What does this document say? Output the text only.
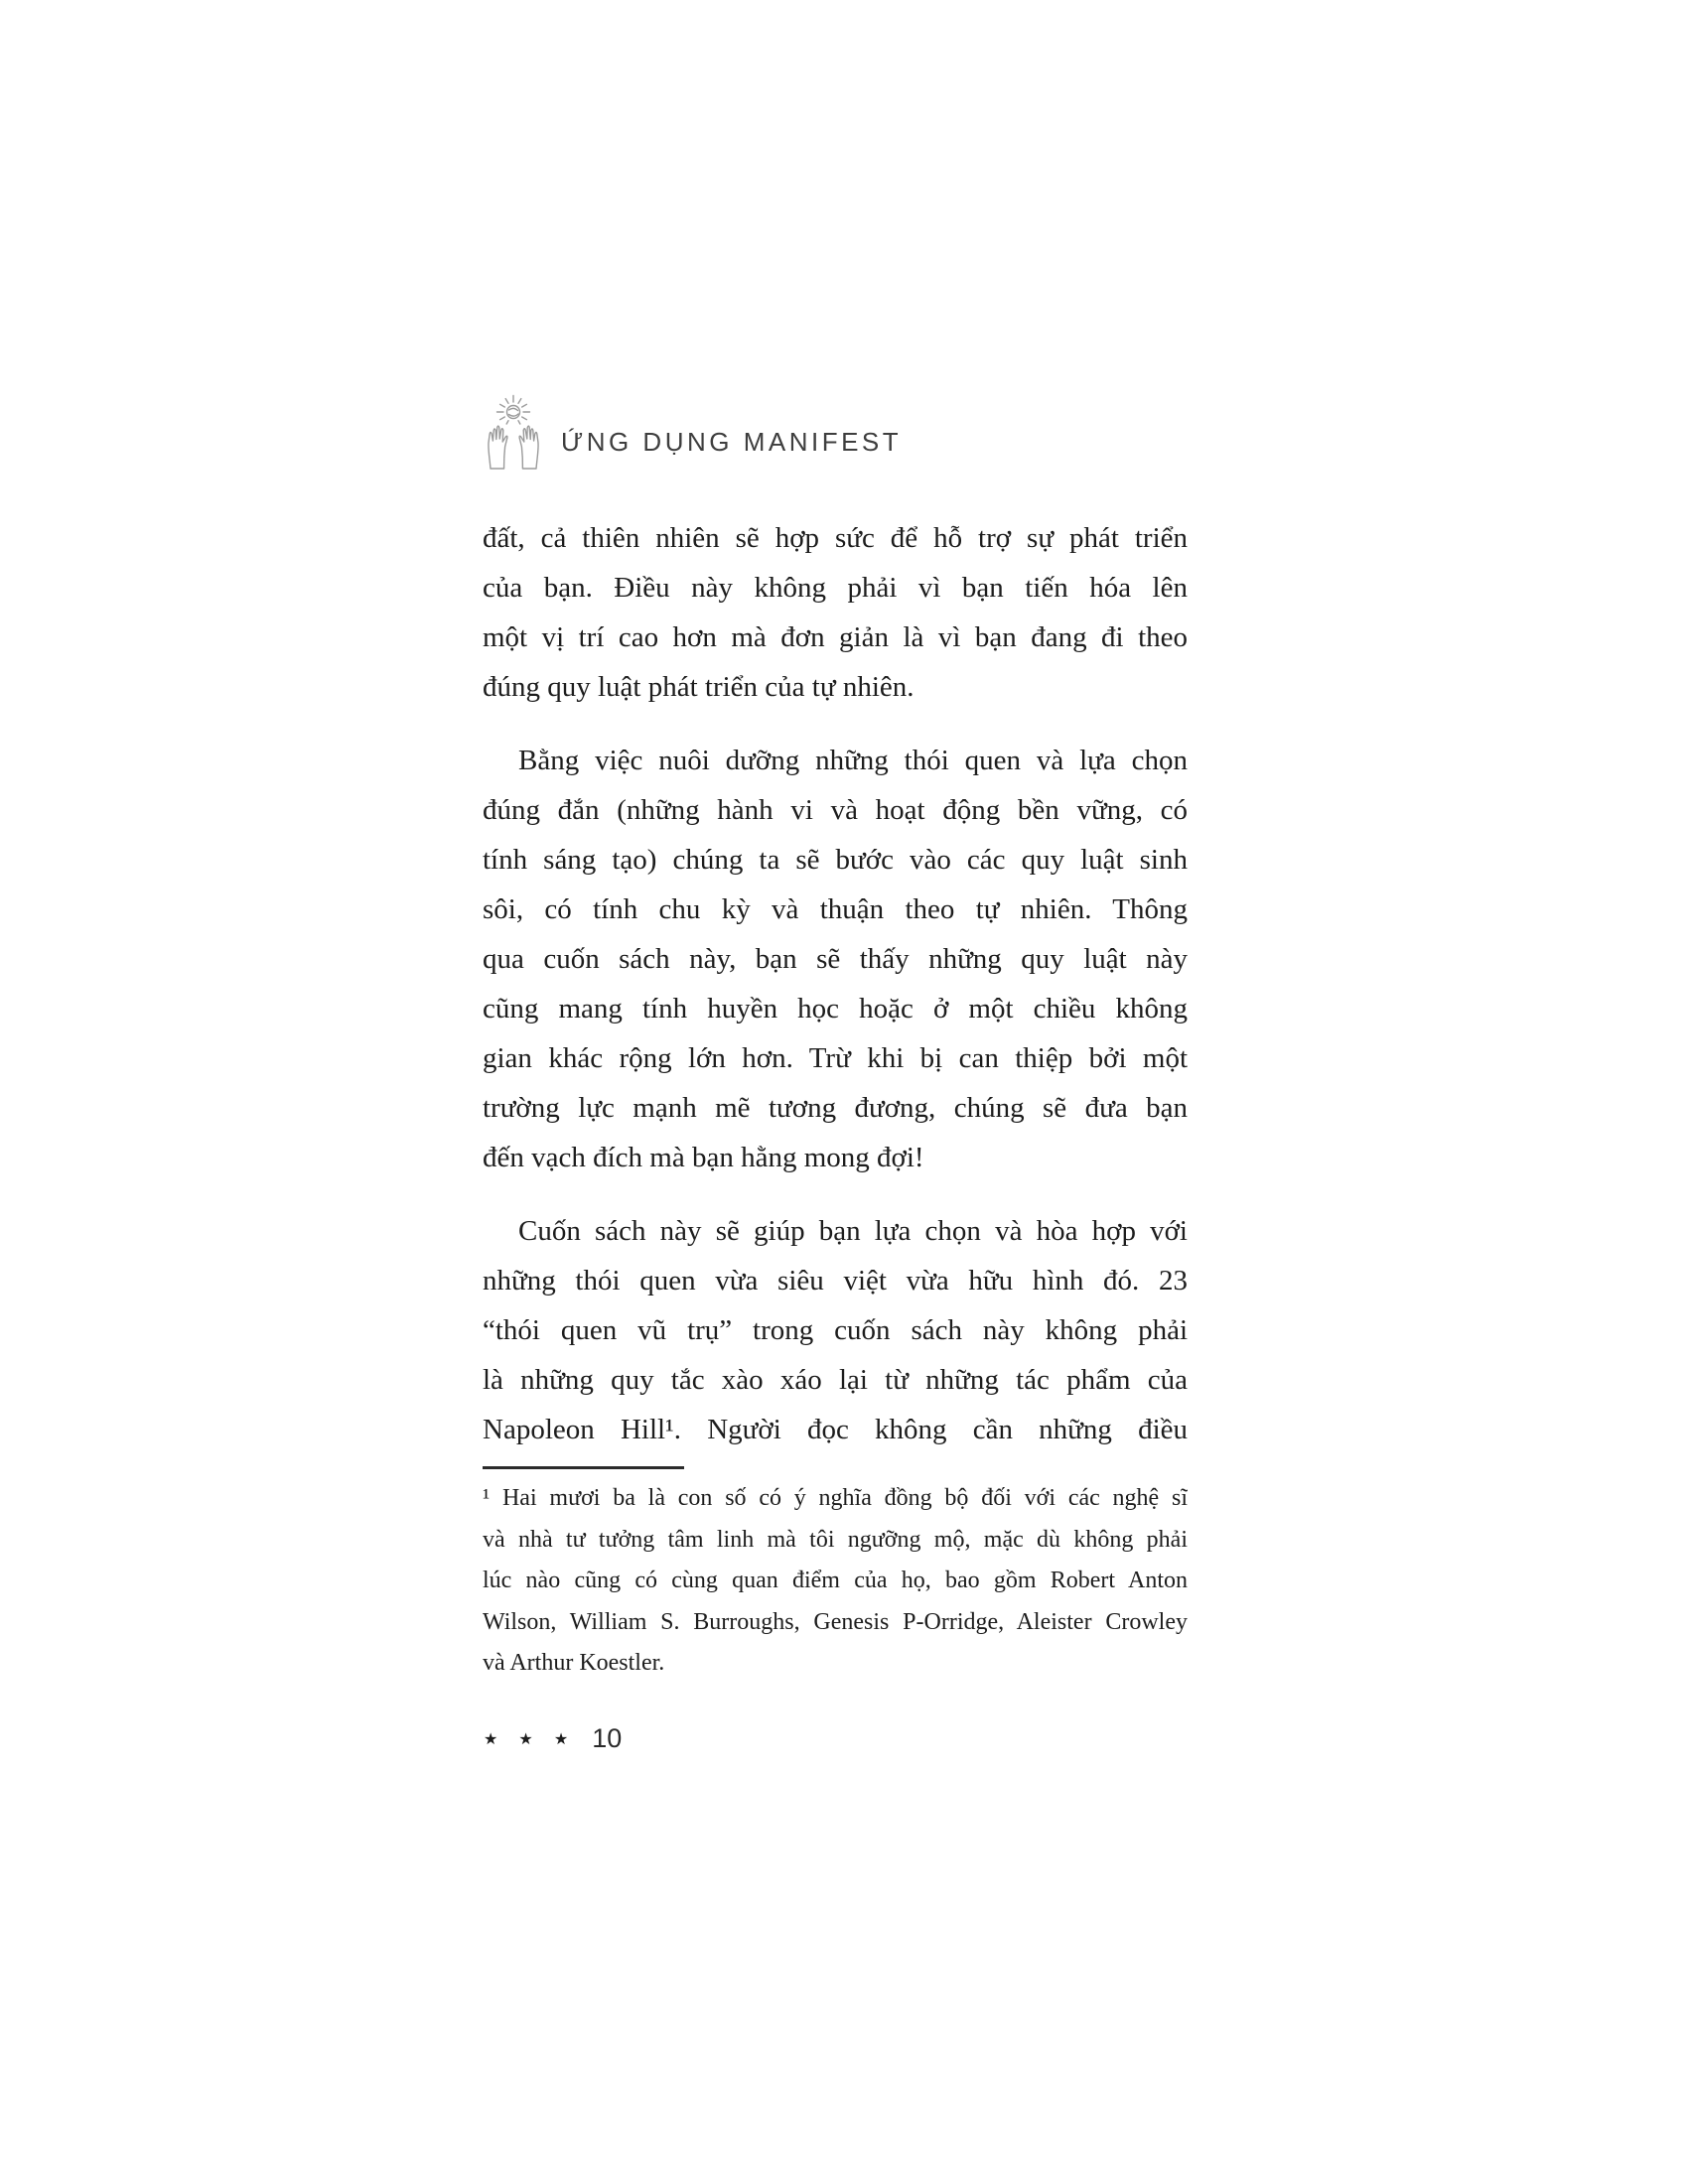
ỨNG DỤNG MANIFEST
đất, cả thiên nhiên sẽ hợp sức để hỗ trợ sự phát triển
của bạn. Điều này không phải vì bạn tiến hóa lên
một vị trí cao hơn mà đơn giản là vì bạn đang đi theo
đúng quy luật phát triển của tự nhiên.
Bằng việc nuôi dưỡng những thói quen và lựa chọn
đúng đắn (những hành vi và hoạt động bền vững, có
tính sáng tạo) chúng ta sẽ bước vào các quy luật sinh
sôi, có tính chu kỳ và thuận theo tự nhiên. Thông
qua cuốn sách này, bạn sẽ thấy những quy luật này
cũng mang tính huyền học hoặc ở một chiều không
gian khác rộng lớn hơn. Trừ khi bị can thiệp bởi một
trường lực mạnh mẽ tương đương, chúng sẽ đưa bạn
đến vạch đích mà bạn hằng mong đợi!
Cuốn sách này sẽ giúp bạn lựa chọn và hòa hợp với
những thói quen vừa siêu việt vừa hữu hình đó. 23
“thói quen vũ trụ” trong cuốn sách này không phải
là những quy tắc xào xáo lại từ những tác phẩm của
Napoleon Hill¹. Người đọc không cần những điều
¹ Hai mươi ba là con số có ý nghĩa đồng bộ đối với các nghệ sĩ
và nhà tư tưởng tâm linh mà tôi ngưỡng mộ, mặc dù không phải
lúc nào cũng có cùng quan điểm của họ, bao gồm Robert Anton
Wilson, William S. Burroughs, Genesis P-Orridge, Aleister Crowley
và Arthur Koestler.
★ ★ ★ 10
